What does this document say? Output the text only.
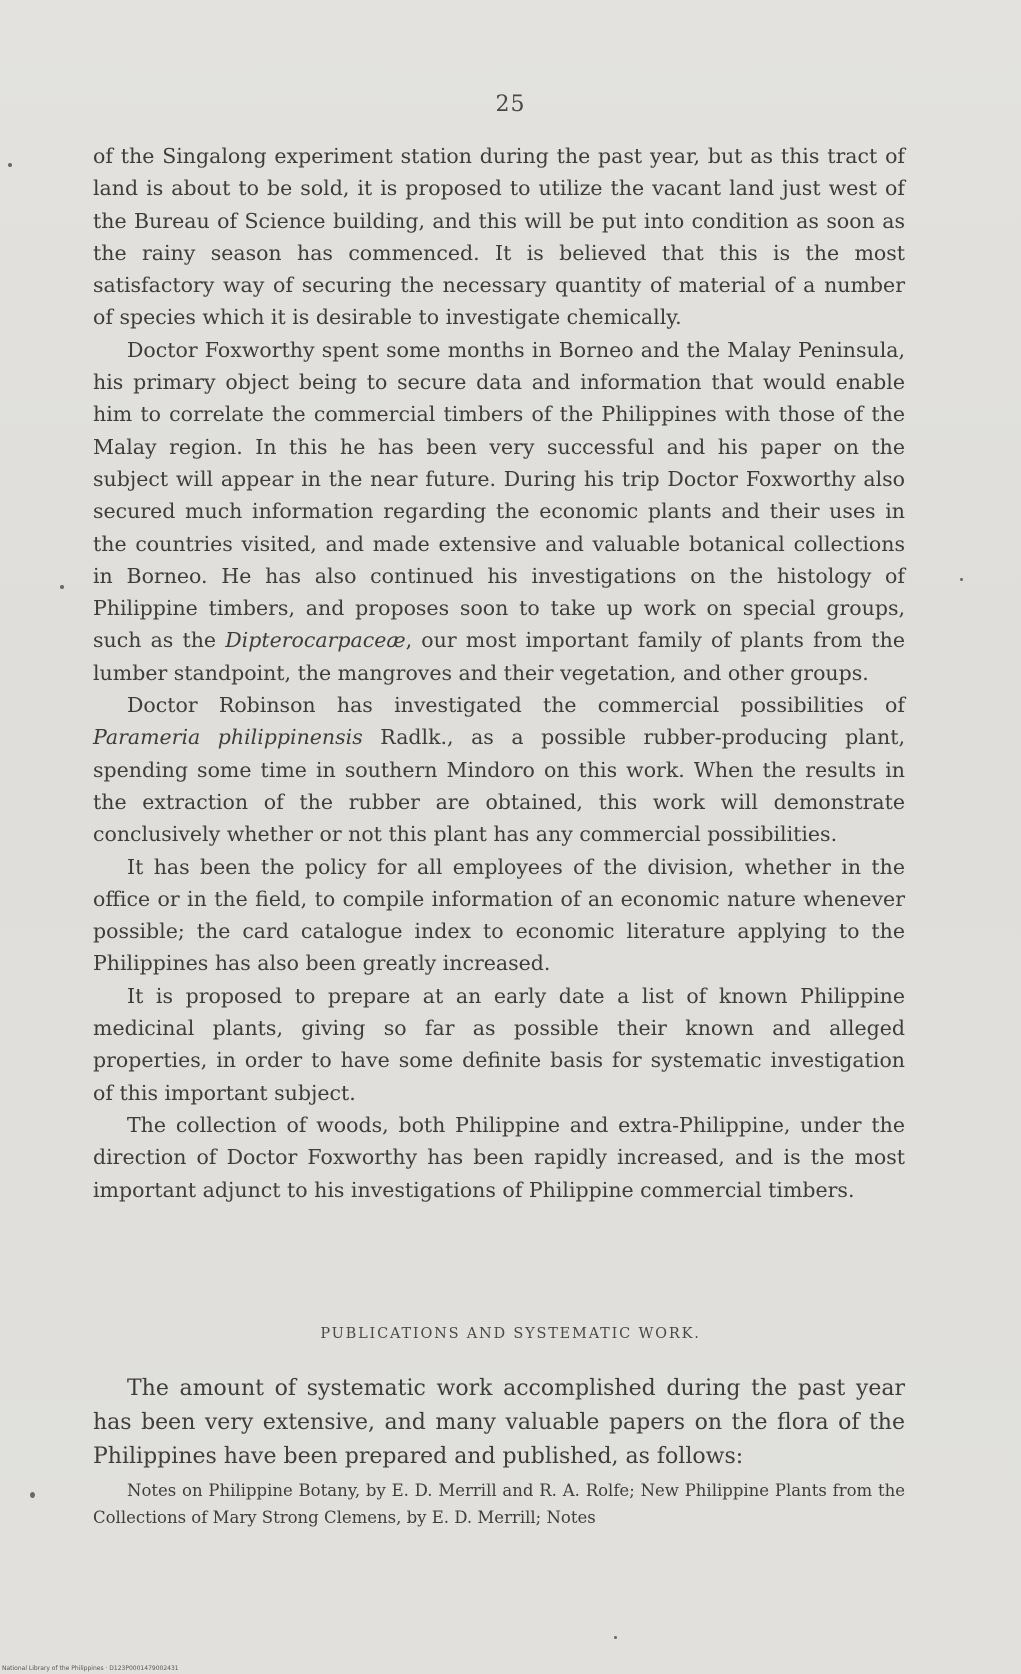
25

of the Singalong experiment station during the past year, but as this tract of land is about to be sold, it is proposed to utilize the vacant land just west of the Bureau of Science building, and this will be put into condition as soon as the rainy season has commenced. It is believed that this is the most satisfactory way of securing the necessary quantity of material of a number of species which it is desirable to investigate chemically.

Doctor Foxworthy spent some months in Borneo and the Malay Peninsula, his primary object being to secure data and information that would enable him to correlate the commercial timbers of the Philippines with those of the Malay region. In this he has been very successful and his paper on the subject will appear in the near future. During his trip Doctor Foxworthy also secured much information regarding the economic plants and their uses in the countries visited, and made extensive and valuable botanical collections in Borneo. He has also continued his investigations on the histology of Philippine timbers, and proposes soon to take up work on special groups, such as the Dipterocarpaceæ, our most important family of plants from the lumber standpoint, the mangroves and their vegetation, and other groups.

Doctor Robinson has investigated the commercial possibilities of Parameria philippinensis Radlk., as a possible rubber-producing plant, spending some time in southern Mindoro on this work. When the results in the extraction of the rubber are obtained, this work will demonstrate conclusively whether or not this plant has any commercial possibilities.

It has been the policy for all employees of the division, whether in the office or in the field, to compile information of an economic nature whenever possible; the card catalogue index to economic literature applying to the Philippines has also been greatly increased.

It is proposed to prepare at an early date a list of known Philippine medicinal plants, giving so far as possible their known and alleged properties, in order to have some definite basis for systematic investigation of this important subject.

The collection of woods, both Philippine and extra-Philippine, under the direction of Doctor Foxworthy has been rapidly increased, and is the most important adjunct to his investigations of Philippine commercial timbers.

PUBLICATIONS AND SYSTEMATIC WORK.

The amount of systematic work accomplished during the past year has been very extensive, and many valuable papers on the flora of the Philippines have been prepared and published, as follows:

Notes on Philippine Botany, by E. D. Merrill and R. A. Rolfe; New Philippine Plants from the Collections of Mary Strong Clemens, by E. D. Merrill; Notes

National Library of the Philippines · D123P0001479002431
